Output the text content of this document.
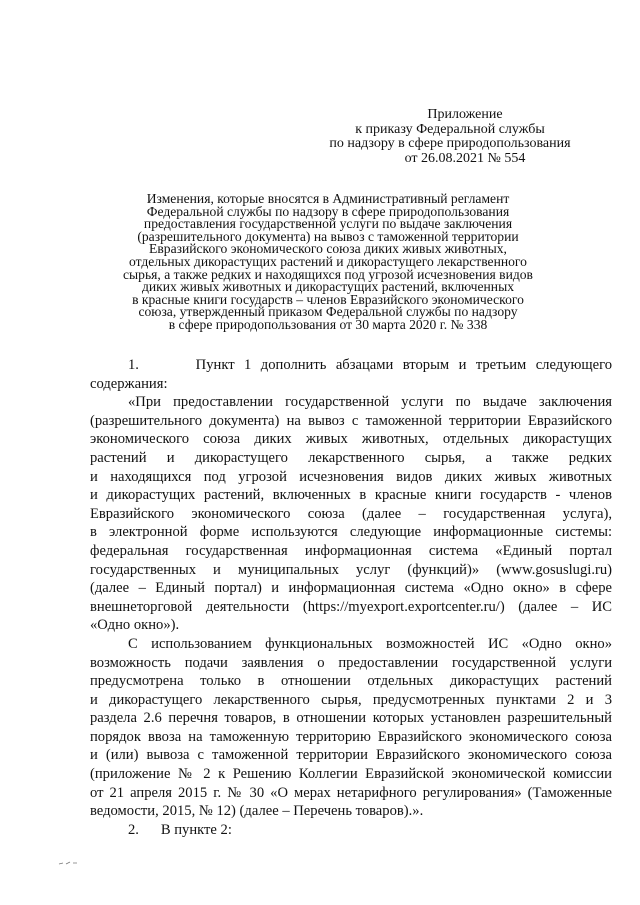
Приложение
к приказу Федеральной службы
по надзору в сфере природопользования
от 26.08.2021 № 554
Изменения, которые вносятся в Административный регламент
Федеральной службы по надзору в сфере природопользования
предоставления государственной услуги по выдаче заключения
(разрешительного документа) на вывоз с таможенной территории
Евразийского экономического союза диких живых животных,
отдельных дикорастущих растений и дикорастущего лекарственного
сырья, а также редких и находящихся под угрозой исчезновения видов
диких живых животных и дикорастущих растений, включенных
в красные книги государств – членов Евразийского экономического
союза, утвержденный приказом Федеральной службы по надзору
в сфере природопользования от 30 марта 2020 г. № 338

1.      Пункт 1 дополнить абзацами вторым и третьим следующего
содержания:

«При предоставлении государственной услуги по выдаче заключения
(разрешительного документа) на вывоз с таможенной территории Евразийского
экономического союза диких живых животных, отдельных дикорастущих
растений и дикорастущего лекарственного сырья, а также редких
и находящихся под угрозой исчезновения видов диких живых животных
и дикорастущих растений, включенных в красные книги государств - членов
Евразийского экономического союза (далее – государственная услуга),
в электронной форме используются следующие информационные системы:
федеральная государственная информационная система «Единый портал
государственных и муниципальных услуг (функций)» (www.gosuslugi.ru)
(далее – Единый портал) и информационная система «Одно окно» в сфере
внешнеторговой деятельности (https://myexport.exportcenter.ru/) (далее – ИС
«Одно окно»).

С использованием функциональных возможностей ИС «Одно окно»
возможность подачи заявления о предоставлении государственной услуги
предусмотрена только в отношении отдельных дикорастущих растений
и дикорастущего лекарственного сырья, предусмотренных пунктами 2 и 3
раздела 2.6 перечня товаров, в отношении которых установлен разрешительный
порядок ввоза на таможенную территорию Евразийского экономического союза
и (или) вывоза с таможенной территории Евразийского экономического союза
(приложение № 2 к Решению Коллегии Евразийской экономической комиссии
от 21 апреля 2015 г. № 30 «О мерах нетарифного регулирования» (Таможенные
ведомости, 2015, № 12) (далее – Перечень товаров).».

2.      В пункте 2:
